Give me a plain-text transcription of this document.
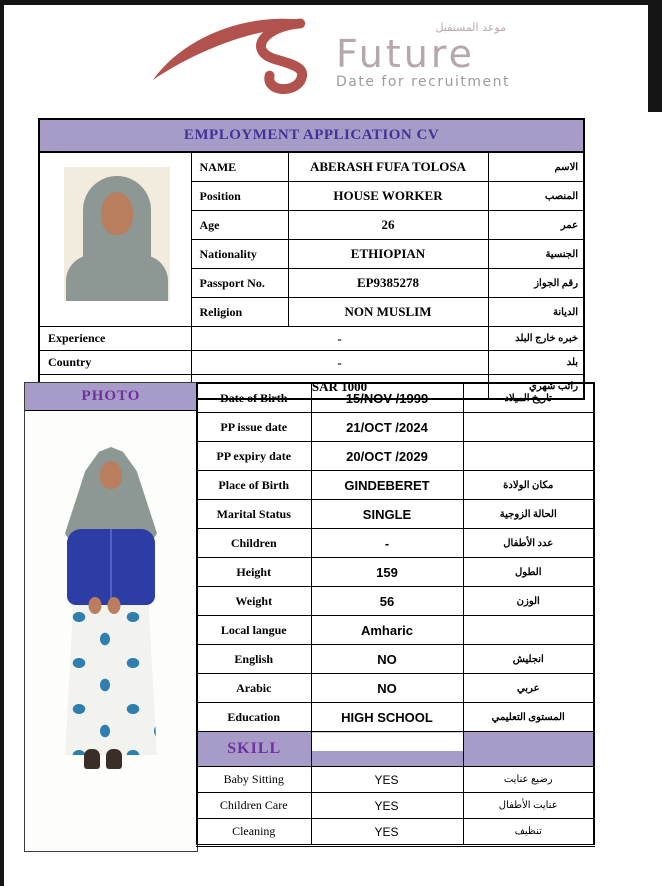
موعد المستقبل
Future
Date for recruitment
EMPLOYMENT APPLICATION CV			
	NAME	ABERASH FUFA TOLOSA	الاسم
	Position	HOUSE WORKER	المنصب
	Age	26	عمر
	Nationality	ETHIOPIAN	الجنسية
	Passport No.	EP9385278	رقم الجواز
	Religion	NON MUSLIM	الديانة
Experience	-		خبره خارج البلد
Country	-		بلد
	SAR 1000		راتب شهري
PHOTO	Date of Birth	15/NOV /1999	تاريخ الميلاد
PP issue date	21/OCT /2024	
PP expiry date	20/OCT /2029	
Place of Birth	GINDEBERET	مكان الولادة
Marital Status	SINGLE	الحالة الزوجية
Children	-	عدد الأطفال
Height	159	الطول
Weight	56	الوزن
Local langue	Amharic	
English	NO	انجليش
Arabic	NO	عربي
Education	HIGH SCHOOL	المستوى التعليمي
SKILL		
Baby Sitting	YES	رضيع عنايت
Children Care	YES	عنايت الأطفال
Cleaning	YES	تنظيف
